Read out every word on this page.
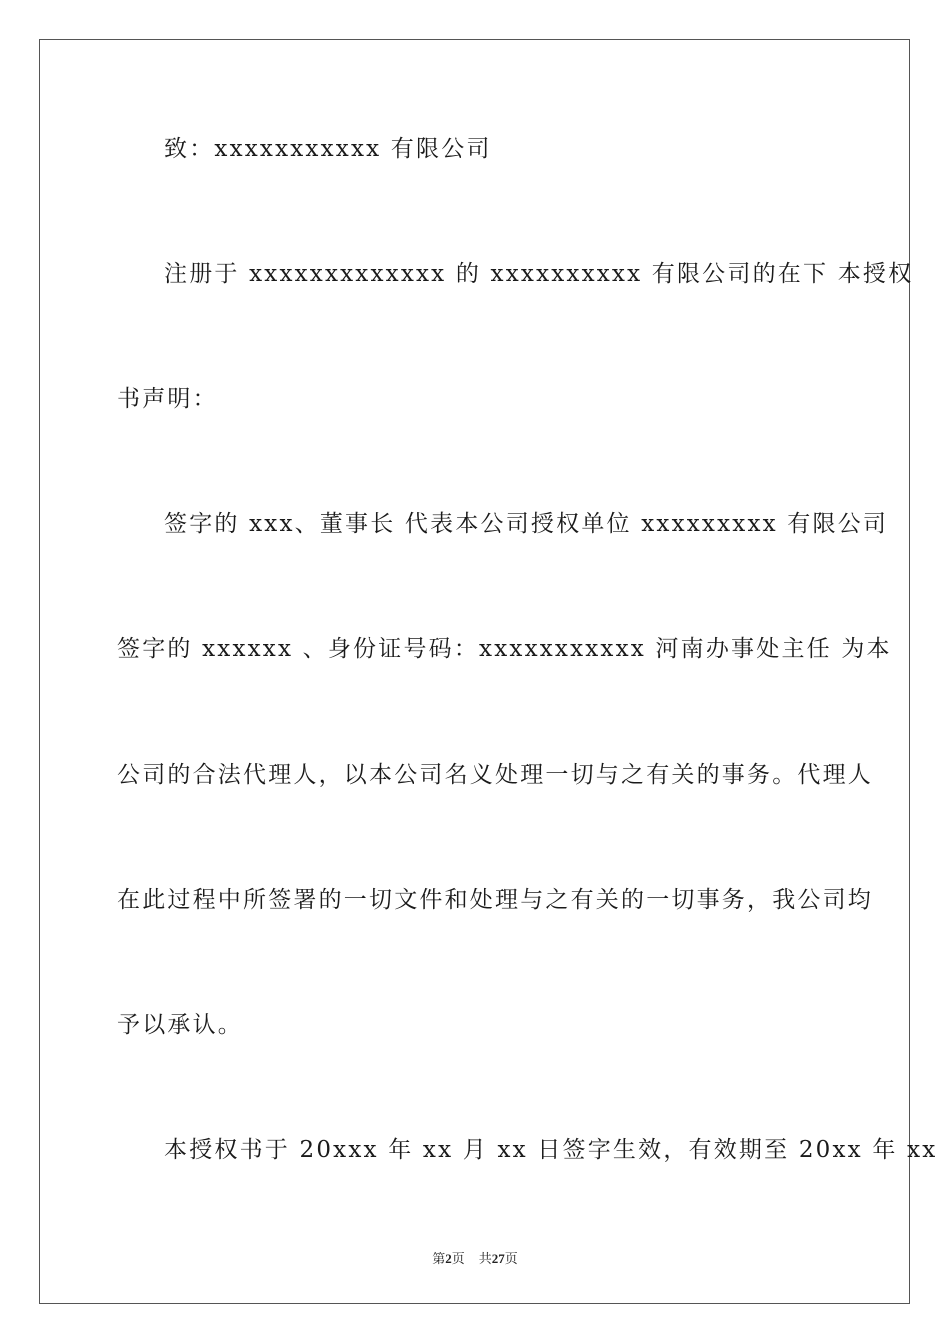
致：xxxxxxxxxxx 有限公司
注册于 xxxxxxxxxxxxx 的 xxxxxxxxxx 有限公司的在下 本授权
书声明：
签字的 xxx、董事长 代表本公司授权单位 xxxxxxxxx 有限公司
签字的 xxxxxx 、身份证号码：xxxxxxxxxxx 河南办事处主任 为本
公司的合法代理人，以本公司名义处理一切与之有关的事务。代理人
在此过程中所签署的一切文件和处理与之有关的一切事务，我公司均
予以承认。
本授权书于 20xxx 年 xx 月 xx 日签字生效，有效期至 20xx 年 xx
第2页 共27页
